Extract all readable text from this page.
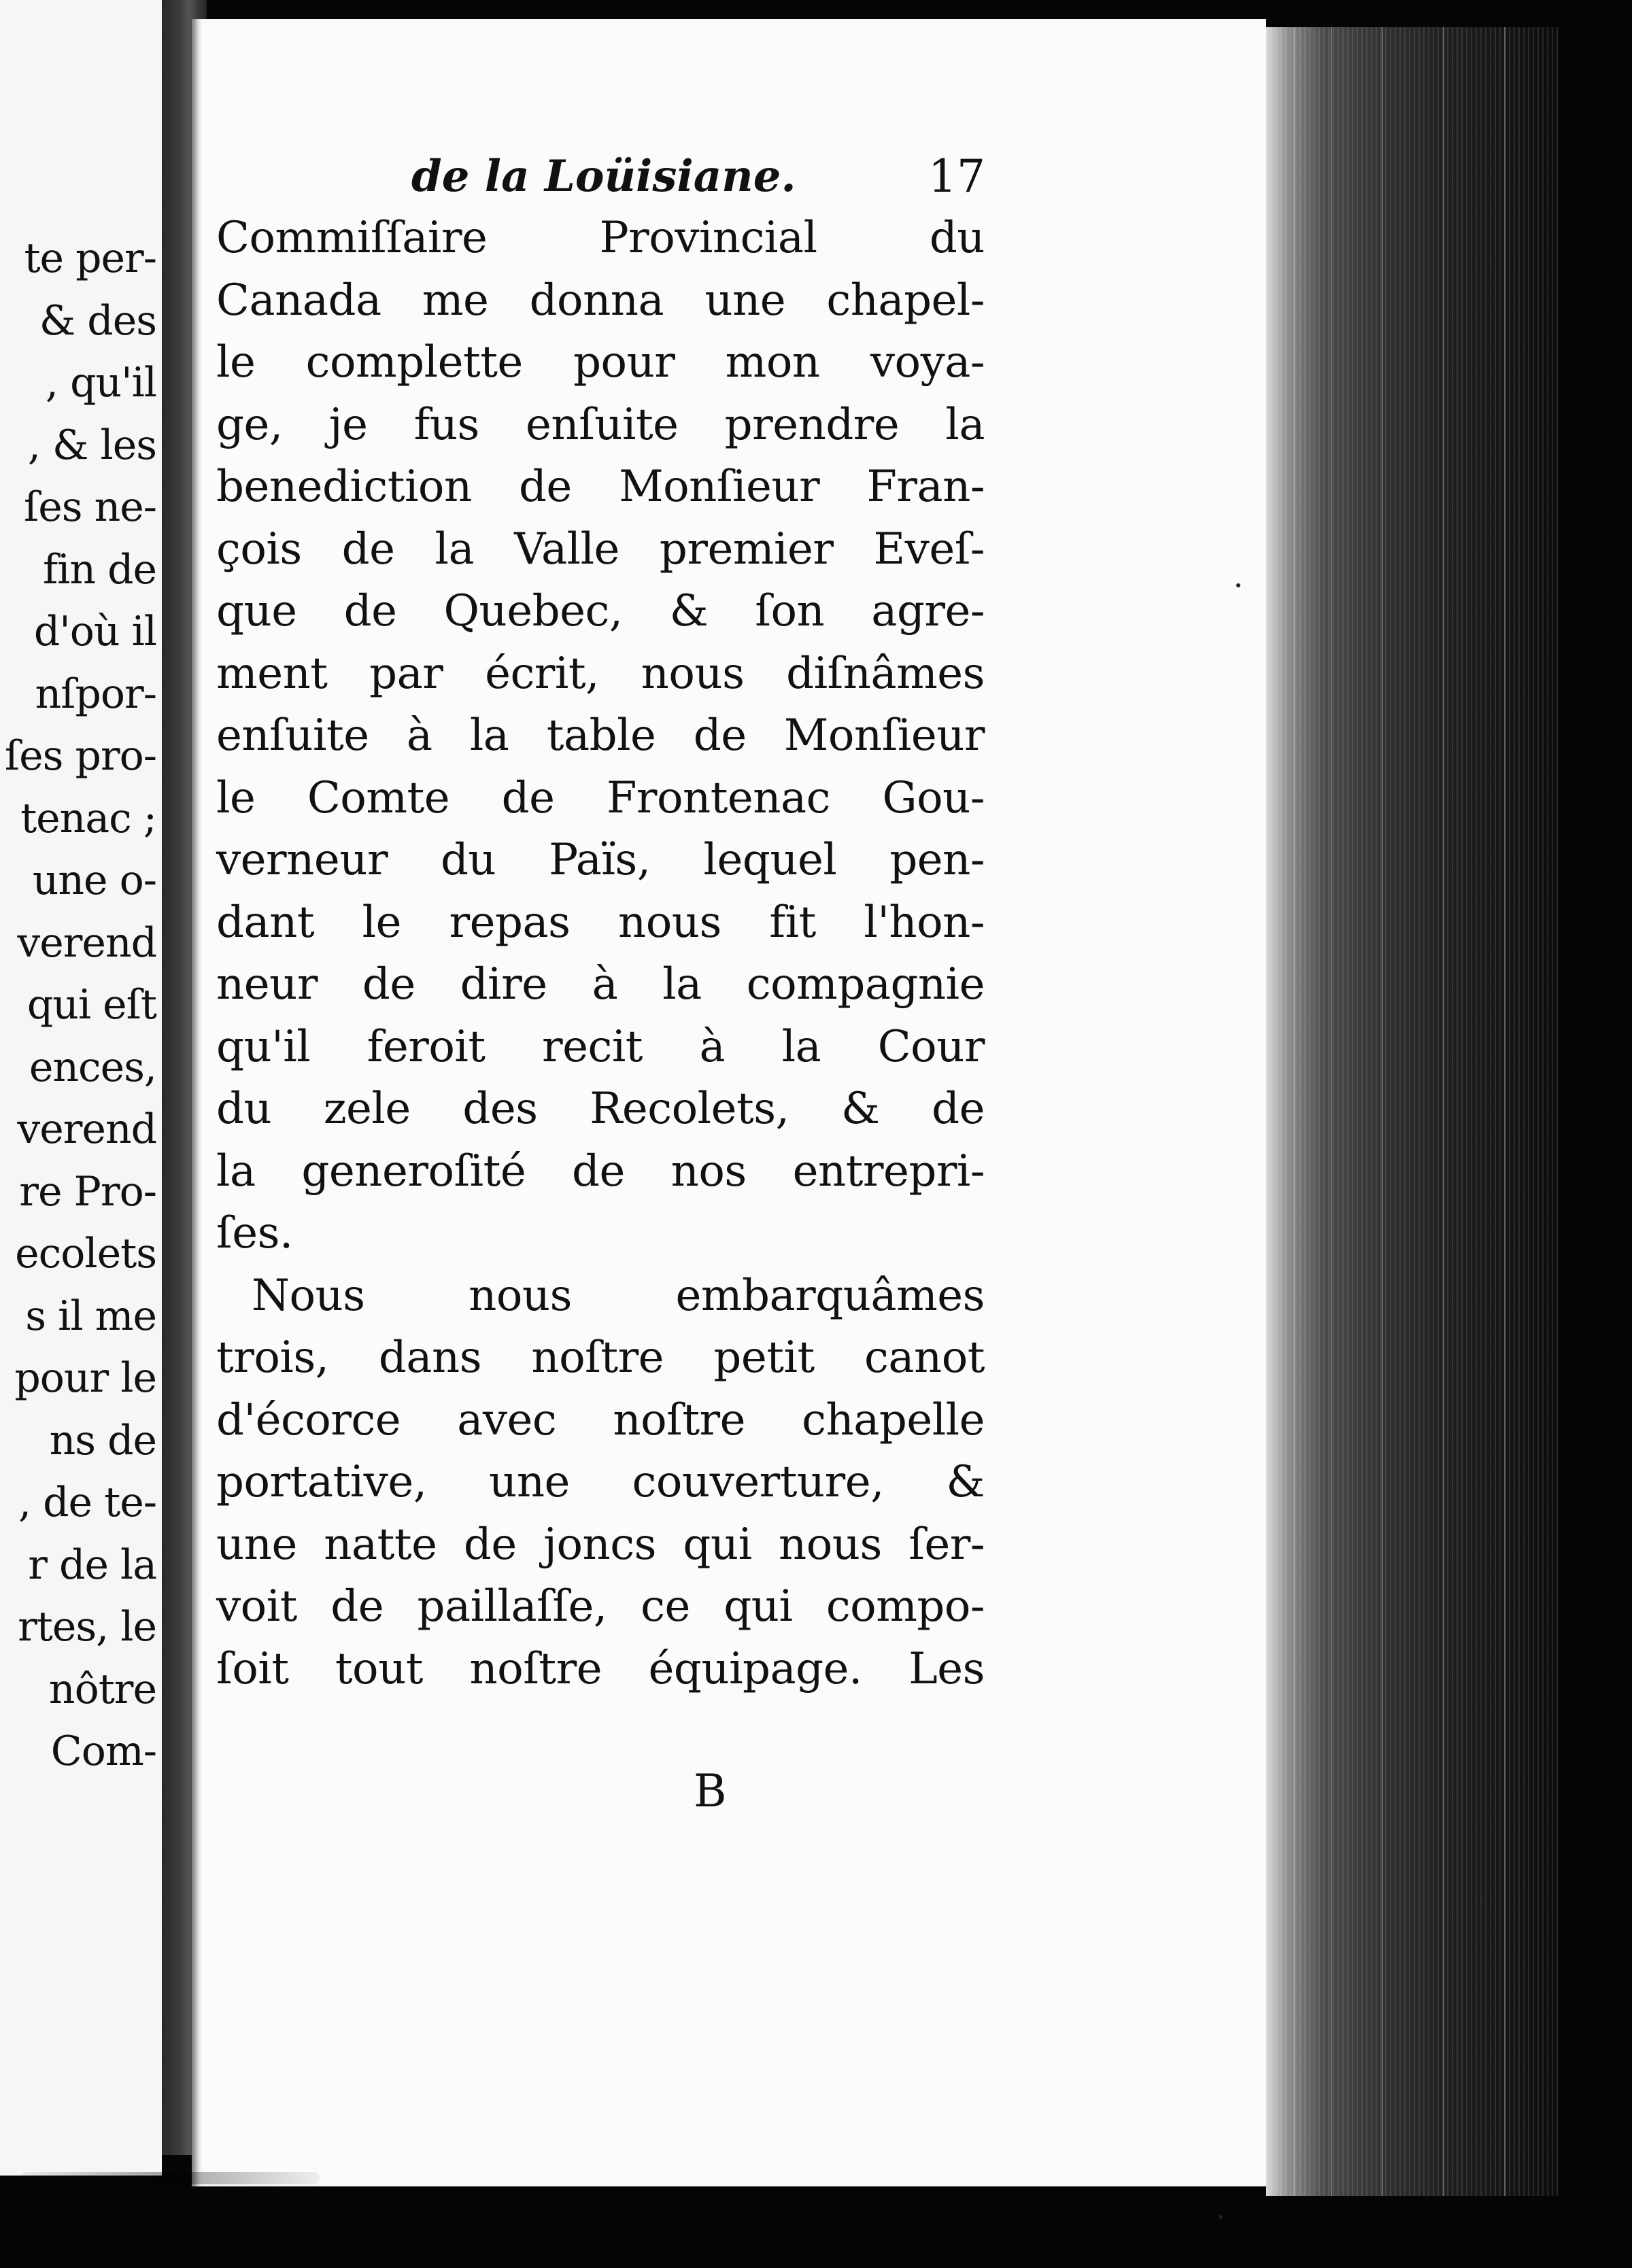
te per-
& des
, qu'il
, & les
ſes ne-
fin de
d'où il
nſpor-
ſes pro-
tenac ;
une o-
verend
qui eſt
ences,
verend
re Pro-
ecolets
s il me
pour le
ns de
, de te-
r de la
rtes, le
nôtre
Com-
de la Loüisiane.	17
Commiſſaire Provincial du
Canada me donna une chapel-
le complette pour mon voya-
ge, je fus enſuite prendre la
benediction de Monſieur Fran-
çois de la Valle premier Eveſ-
que de Quebec, & ſon agre-
ment par écrit, nous diſnâmes
enſuite à la table de Monſieur
le Comte de Frontenac Gou-
verneur du Païs, lequel pen-
dant le repas nous fit l'hon-
neur de dire à la compagnie
qu'il feroit recit à la Cour
du zele des Recolets, & de
la generoſité de nos entrepri-
ſes.
Nous nous embarquâmes
trois, dans noſtre petit canot
d'écorce avec noſtre chapelle
portative, une couverture, &
une natte de joncs qui nous ſer-
voit de paillaſſe, ce qui compo-
ſoit tout noſtre équipage. Les
B
